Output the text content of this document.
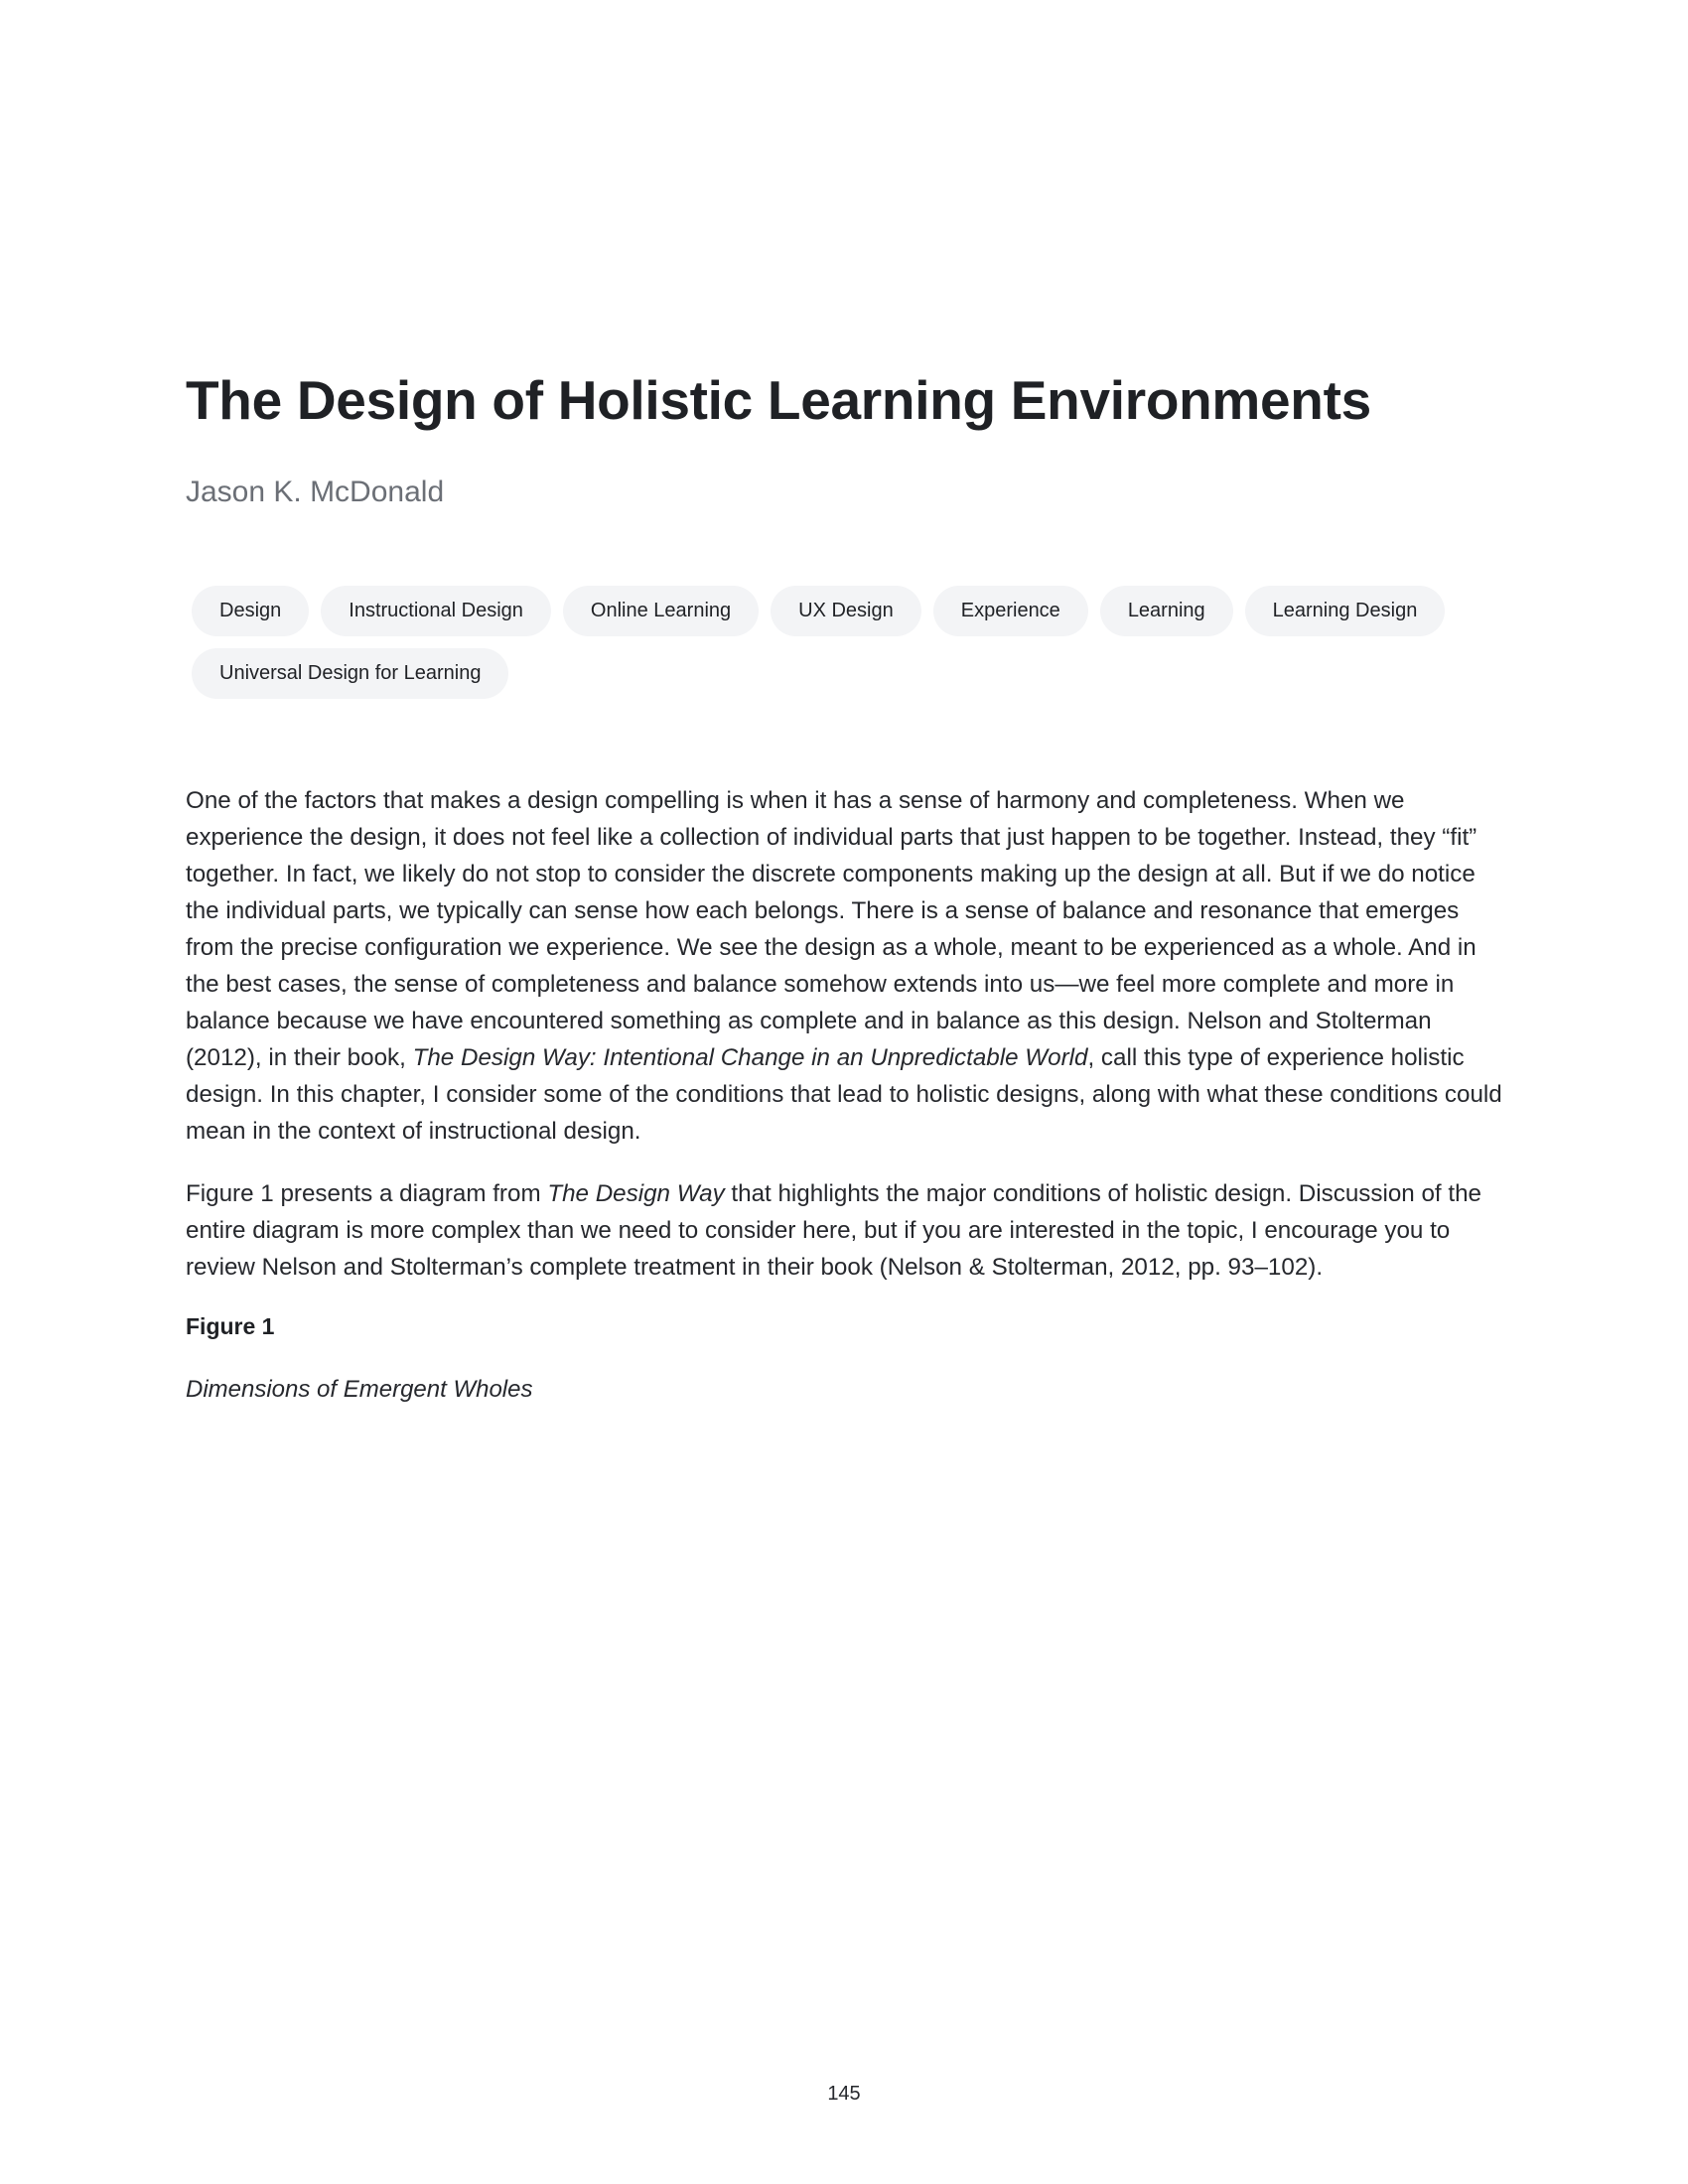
The Design of Holistic Learning Environments
Jason K. McDonald
Design	Instructional Design	Online Learning	UX Design	Experience	Learning	Learning Design
Universal Design for Learning

One of the factors that makes a design compelling is when it has a sense of harmony and completeness. When we experience the design, it does not feel like a collection of individual parts that just happen to be together. Instead, they “fit” together. In fact, we likely do not stop to consider the discrete components making up the design at all. But if we do notice the individual parts, we typically can sense how each belongs. There is a sense of balance and resonance that emerges from the precise configuration we experience. We see the design as a whole, meant to be experienced as a whole. And in the best cases, the sense of completeness and balance somehow extends into us—we feel more complete and more in balance because we have encountered something as complete and in balance as this design. Nelson and Stolterman (2012), in their book, The Design Way: Intentional Change in an Unpredictable World, call this type of experience holistic design. In this chapter, I consider some of the conditions that lead to holistic designs, along with what these conditions could mean in the context of instructional design.

Figure 1 presents a diagram from The Design Way that highlights the major conditions of holistic design. Discussion of the entire diagram is more complex than we need to consider here, but if you are interested in the topic, I encourage you to review Nelson and Stolterman’s complete treatment in their book (Nelson & Stolterman, 2012, pp. 93–102).

Figure 1
Dimensions of Emergent Wholes
145
